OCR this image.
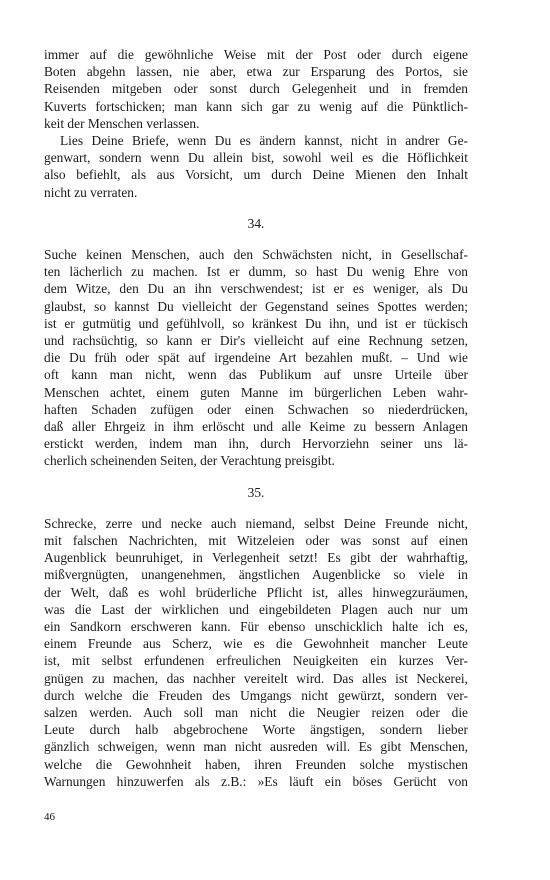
immer auf die gewöhnliche Weise mit der Post oder durch eigene
Boten abgehn lassen, nie aber, etwa zur Ersparung des Portos, sie
Reisenden mitgeben oder sonst durch Gelegenheit und in fremden
Kuverts fortschicken; man kann sich gar zu wenig auf die Pünktlich-
keit der Menschen verlassen.
Lies Deine Briefe, wenn Du es ändern kannst, nicht in andrer Ge-
genwart, sondern wenn Du allein bist, sowohl weil es die Höflichkeit
also befiehlt, als aus Vorsicht, um durch Deine Mienen den Inhalt
nicht zu verraten.
34.
Suche keinen Menschen, auch den Schwächsten nicht, in Gesellschaf-
ten lächerlich zu machen. Ist er dumm, so hast Du wenig Ehre von
dem Witze, den Du an ihn verschwendest; ist er es weniger, als Du
glaubst, so kannst Du vielleicht der Gegenstand seines Spottes werden;
ist er gutmütig und gefühlvoll, so kränkest Du ihn, und ist er tückisch
und rachsüchtig, so kann er Dir's vielleicht auf eine Rechnung setzen,
die Du früh oder spät auf irgendeine Art bezahlen mußt. – Und wie
oft kann man nicht, wenn das Publikum auf unsre Urteile über
Menschen achtet, einem guten Manne im bürgerlichen Leben wahr-
haften Schaden zufügen oder einen Schwachen so niederdrücken,
daß aller Ehrgeiz in ihm erlöscht und alle Keime zu bessern Anlagen
erstickt werden, indem man ihn, durch Hervorziehn seiner uns lä-
cherlich scheinenden Seiten, der Verachtung preisgibt.
35.
Schrecke, zerre und necke auch niemand, selbst Deine Freunde nicht,
mit falschen Nachrichten, mit Witzeleien oder was sonst auf einen
Augenblick beunruhiget, in Verlegenheit setzt! Es gibt der wahrhaftig,
mißvergnügten, unangenehmen, ängstlichen Augenblicke so viele in
der Welt, daß es wohl brüderliche Pflicht ist, alles hinwegzuräumen,
was die Last der wirklichen und eingebildeten Plagen auch nur um
ein Sandkorn erschweren kann. Für ebenso unschicklich halte ich es,
einem Freunde aus Scherz, wie es die Gewohnheit mancher Leute
ist, mit selbst erfundenen erfreulichen Neuigkeiten ein kurzes Ver-
gnügen zu machen, das nachher vereitelt wird. Das alles ist Neckerei,
durch welche die Freuden des Umgangs nicht gewürzt, sondern ver-
salzen werden. Auch soll man nicht die Neugier reizen oder die
Leute durch halb abgebrochene Worte ängstigen, sondern lieber
gänzlich schweigen, wenn man nicht ausreden will. Es gibt Menschen,
welche die Gewohnheit haben, ihren Freunden solche mystischen
Warnungen hinzuwerfen als z.B.: »Es läuft ein böses Gerücht von
46
